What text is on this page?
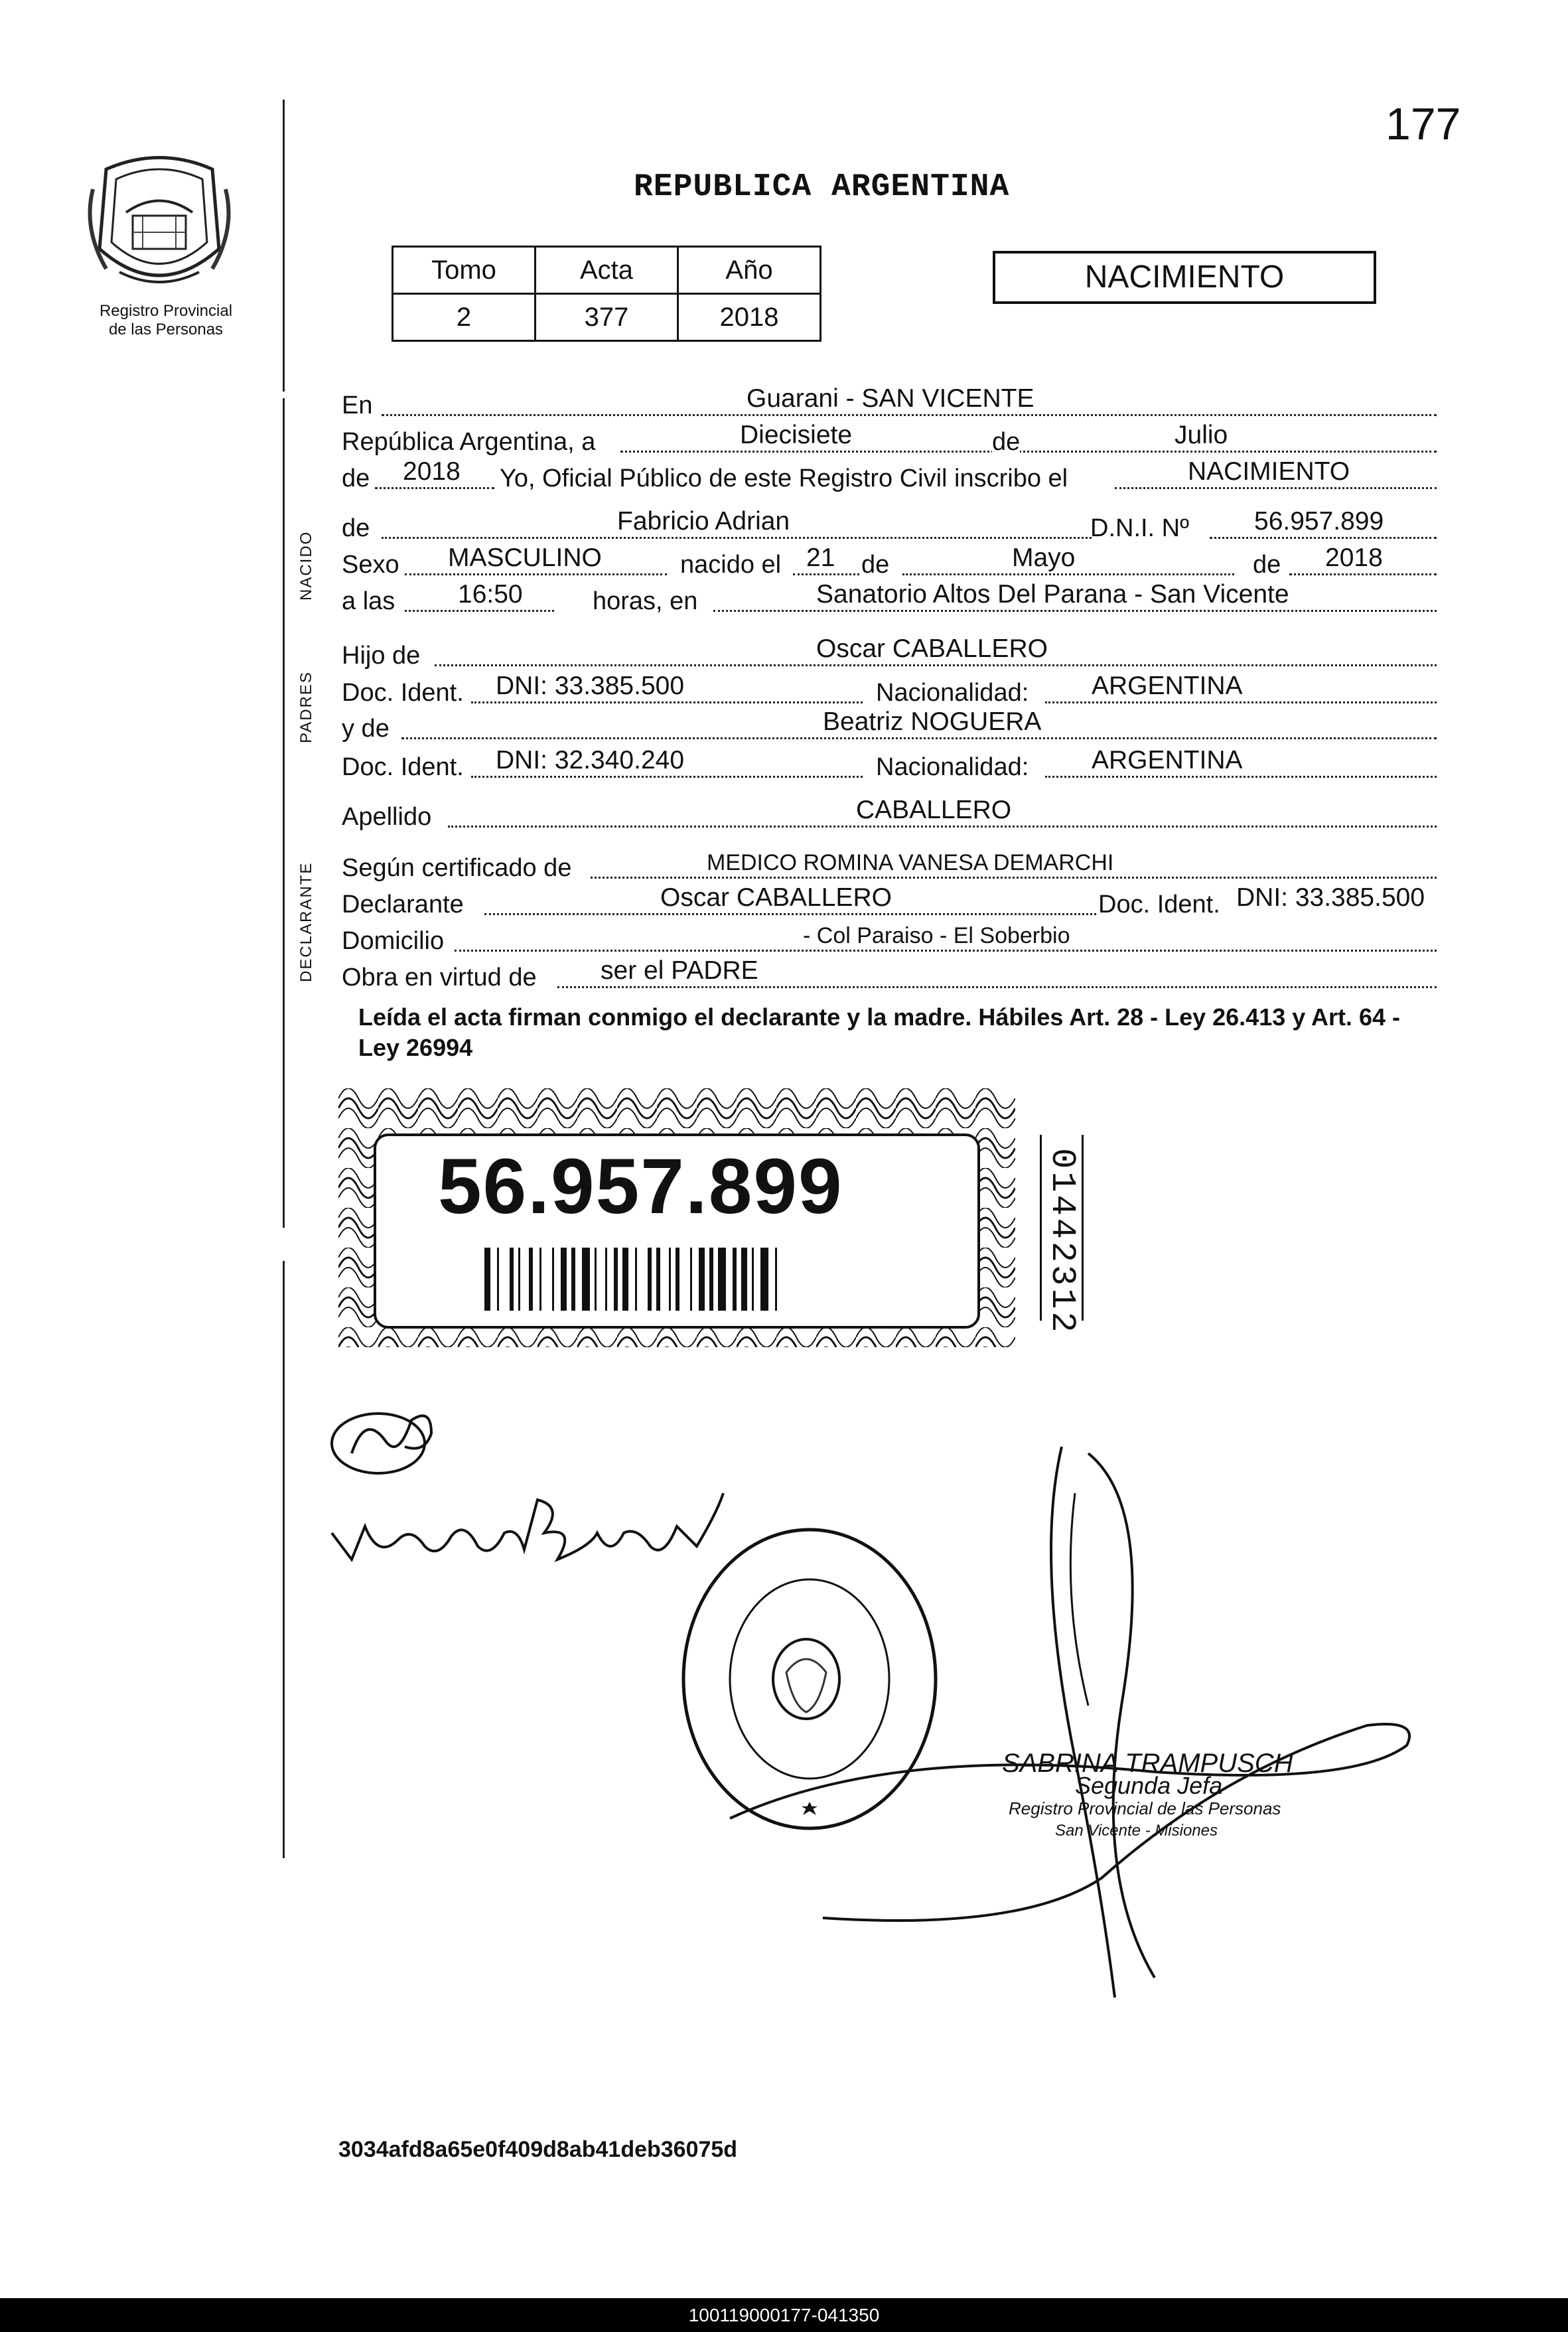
177
REPUBLICA ARGENTINA
Registro Provincial
de las Personas
Tomo	Acta	Año
2	377	2018
NACIMIENTO
NACIDO
PADRES
DECLARANTE
En	Guarani - SAN VICENTE
República Argentina, a	Diecisiete	de	Julio
de 2018 Yo, Oficial Público de este Registro Civil inscribo el	NACIMIENTO
de	Fabricio Adrian	D.N.I. Nº	56.957.899
Sexo MASCULINO	nacido el 21 de	Mayo	de 2018
a las 16:50	horas, en	Sanatorio Altos Del Parana - San Vicente
Hijo de	Oscar CABALLERO
Doc. Ident. DNI: 33.385.500	Nacionalidad: ARGENTINA
y de	Beatriz NOGUERA
Doc. Ident. DNI: 32.340.240	Nacionalidad: ARGENTINA
Apellido	CABALLERO
Según certificado de	MEDICO ROMINA VANESA DEMARCHI
Declarante	Oscar CABALLERO	Doc. Ident. DNI: 33.385.500
Domicilio	- Col Paraiso - El Soberbio
Obra en virtud de ser el PADRE
Leída el acta firman conmigo el declarante y la madre. Hábiles Art. 28 - Ley 26.413 y Art. 64 - Ley 26994
56.957.899	01442312
SABRINA TRAMPUSCH
Segunda Jefa
Registro Provincial de las Personas
San Vicente - Misiones
3034afd8a65e0f409d8ab41deb36075d
100119000177-041350
